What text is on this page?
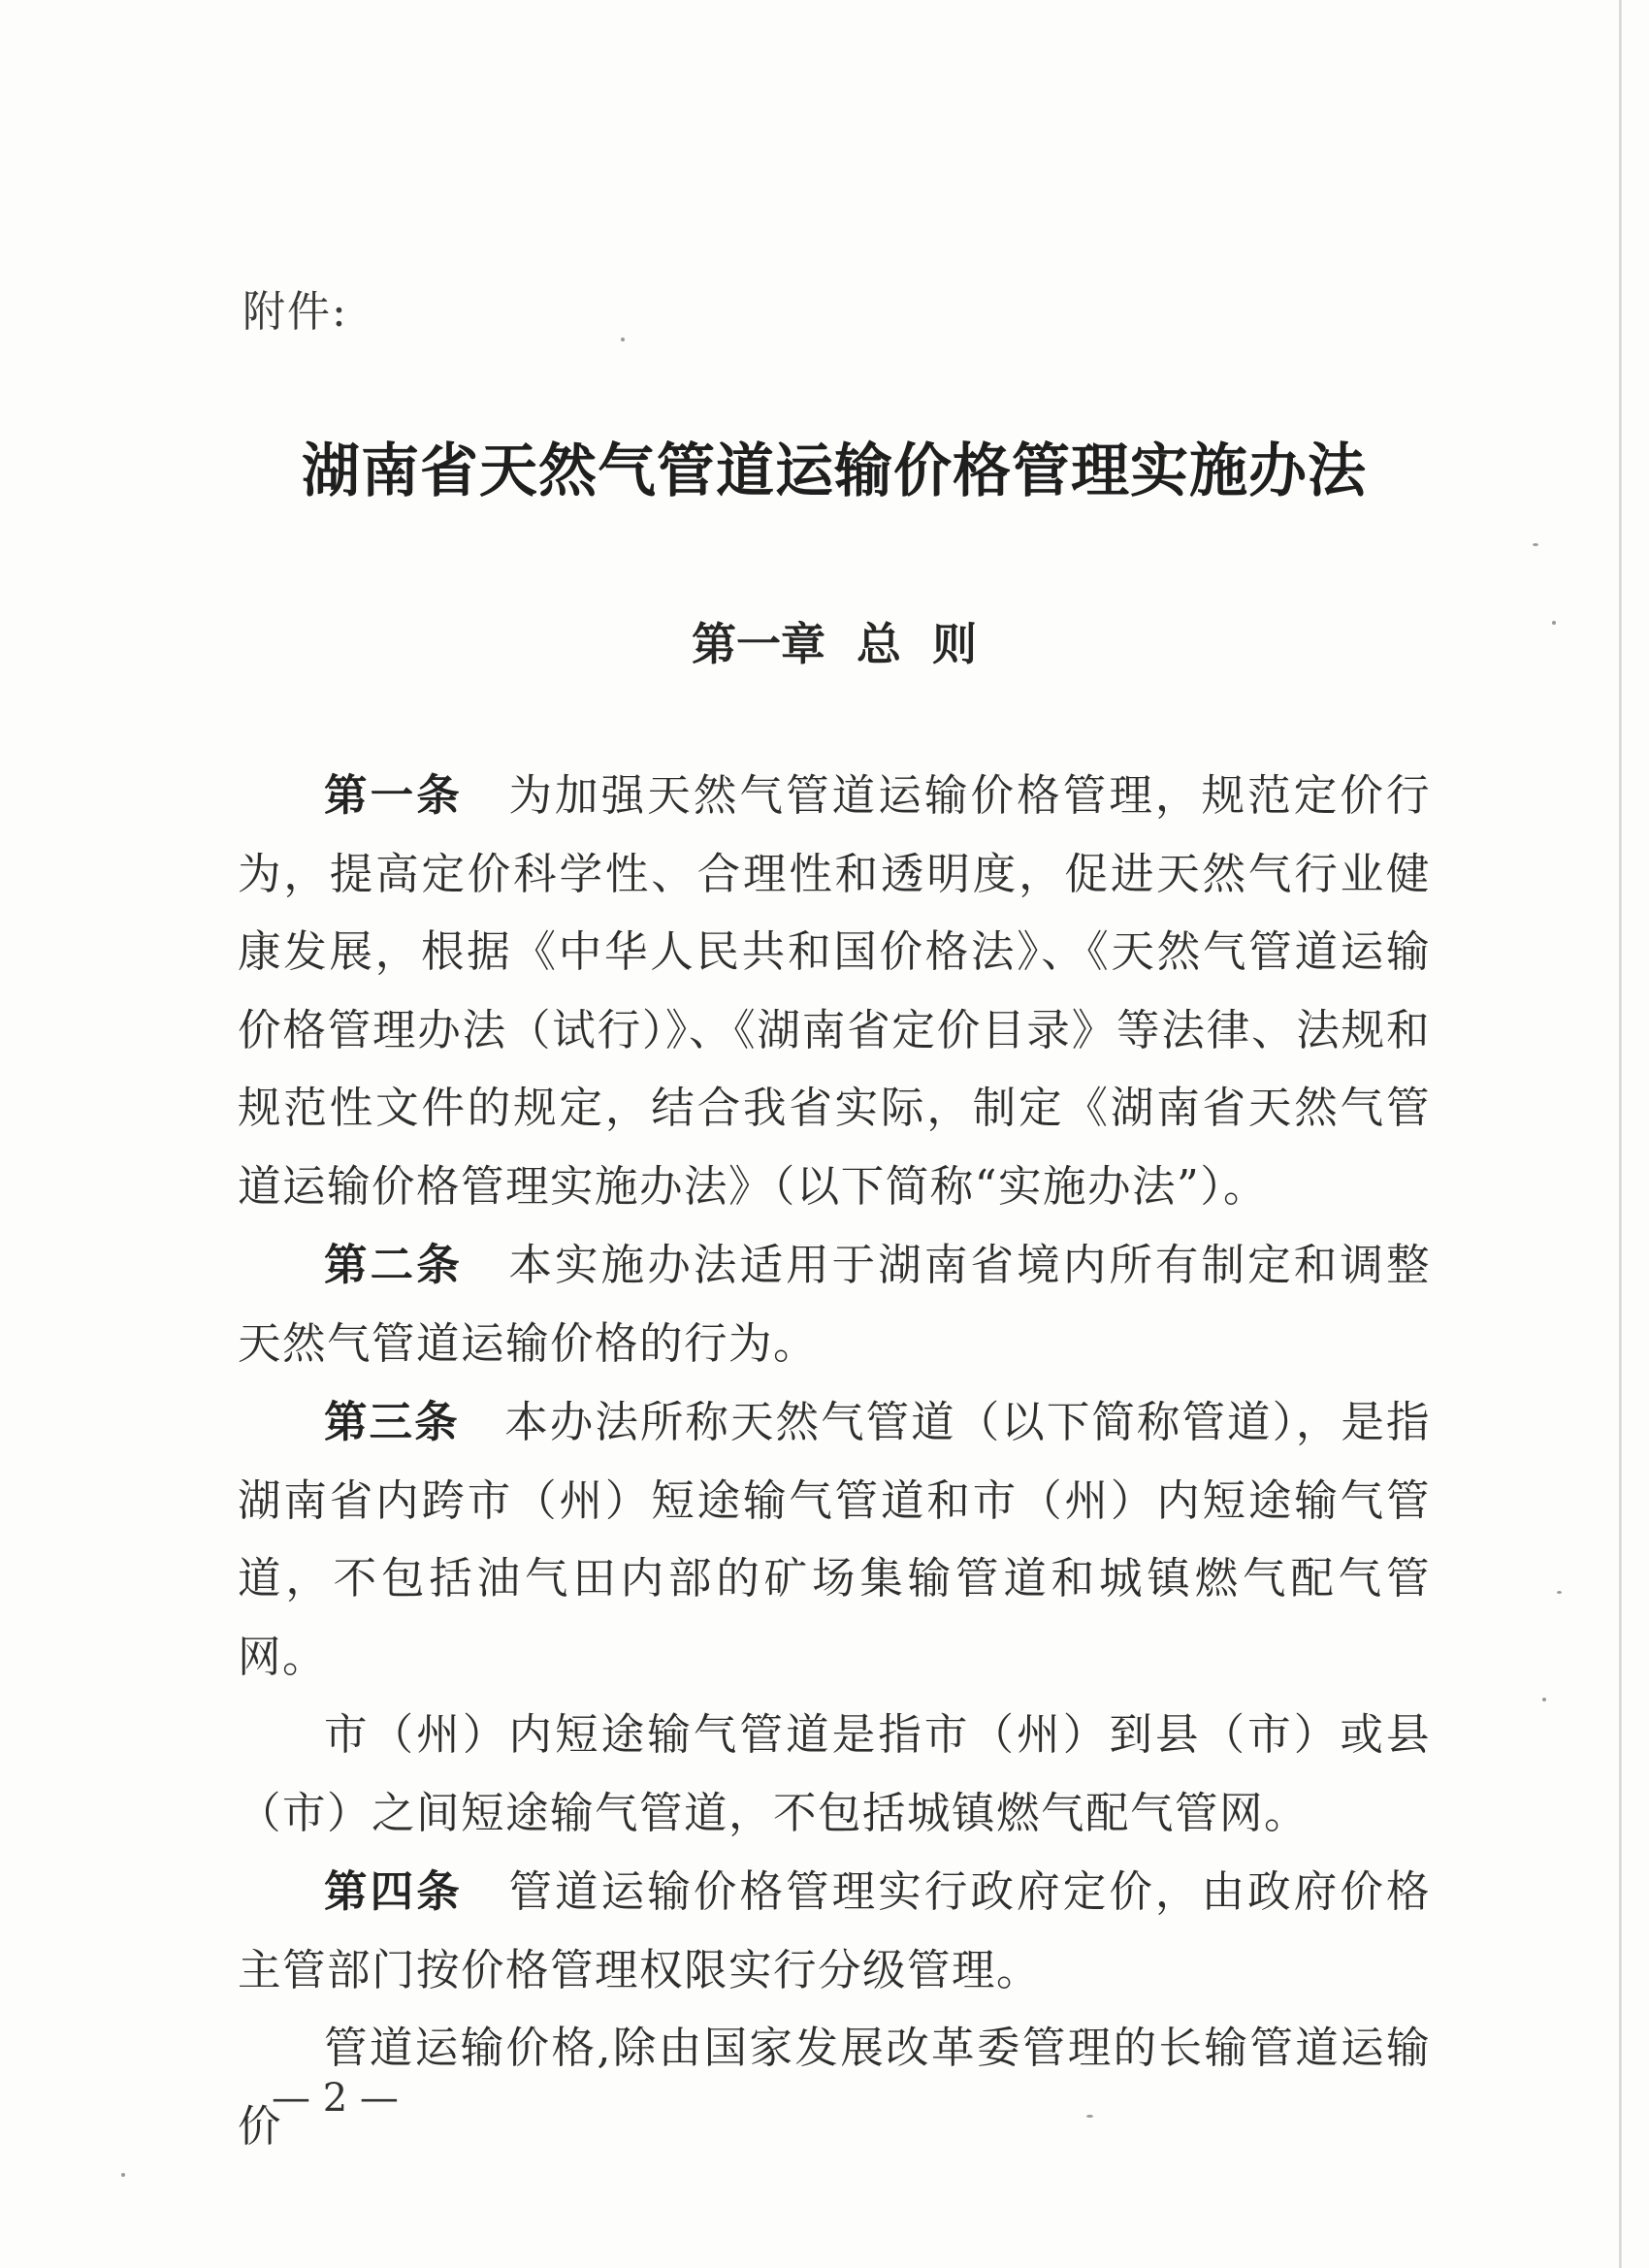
附件:
湖南省天然气管道运输价格管理实施办法
第一章  总  则

第一条　 为加强天然气管道运输价格管理，规范定价行为，提高定价科学性、合理性和透明度，促进天然气行业健康发展，根据《中华人民共和国价格法》、《天然气管道运输价格管理办法（试行）》、《湖南省定价目录》等法律、法规和规范性文件的规定，结合我省实际，制定《湖南省天然气管道运输价格管理实施办法》（以下简称“实施办法”）。

第二条　 本实施办法适用于湖南省境内所有制定和调整天然气管道运输价格的行为。

第三条　 本办法所称天然气管道（以下简称管道），是指湖南省内跨市（州）短途输气管道和市（州）内短途输气管道，不包括油气田内部的矿场集输管道和城镇燃气配气管网。

市（州）内短途输气管道是指市（州）到县（市）或县（市）之间短途输气管道，不包括城镇燃气配气管网。

第四条　 管道运输价格管理实行政府定价，由政府价格主管部门按价格管理权限实行分级管理。

管道运输价格,除由国家发展改革委管理的长输管道运输价

— 2 —
